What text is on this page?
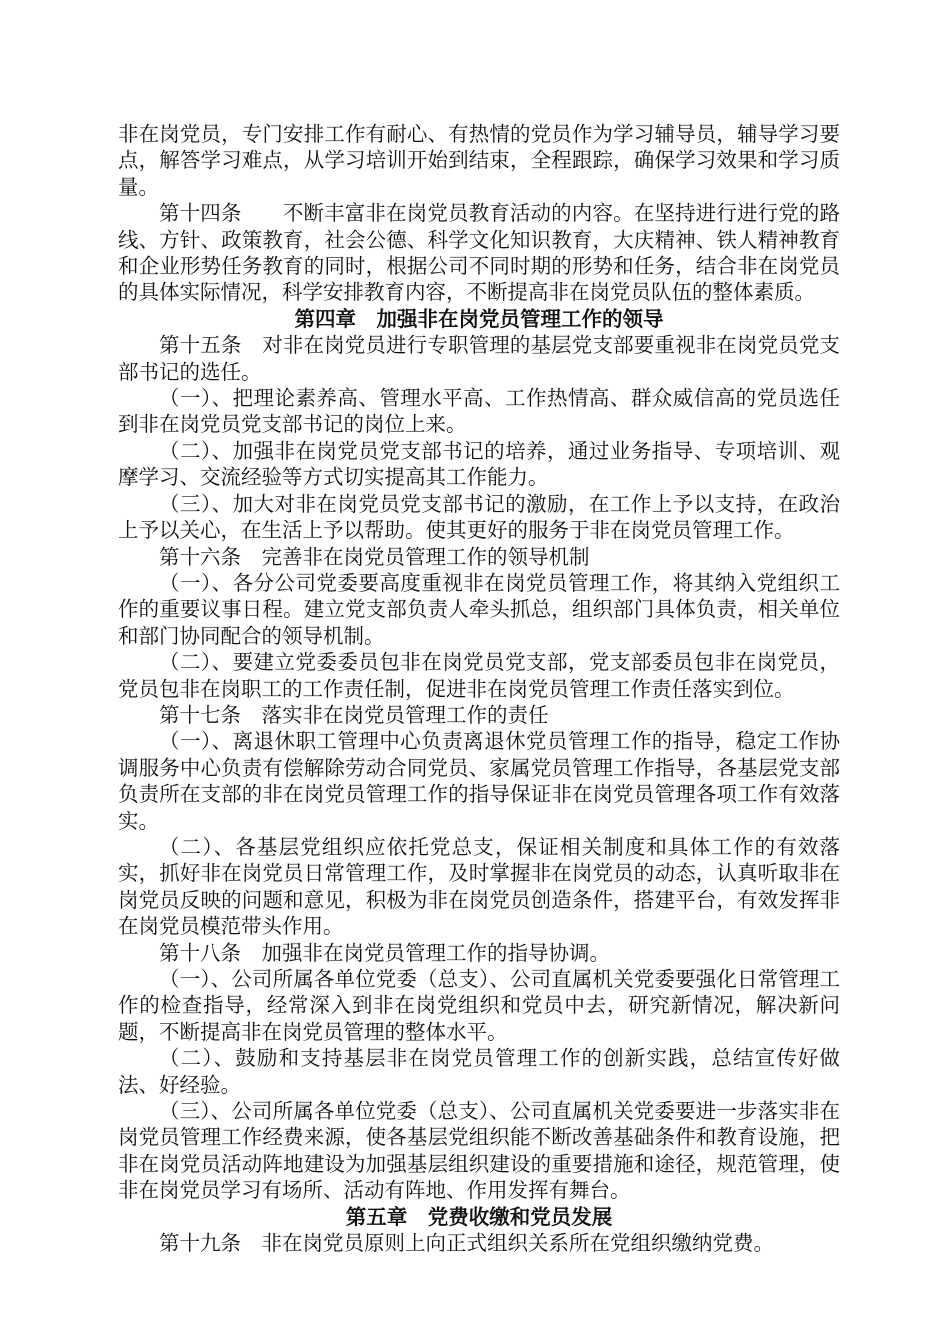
非在岗党员，专门安排工作有耐心、有热情的党员作为学习辅导员，辅导学习要点，解答学习难点，从学习培训开始到结束，全程跟踪，确保学习效果和学习质量。

第十四条　　不断丰富非在岗党员教育活动的内容。在坚持进行进行党的路线、方针、政策教育，社会公德、科学文化知识教育，大庆精神、铁人精神教育和企业形势任务教育的同时，根据公司不同时期的形势和任务，结合非在岗党员的具体实际情况，科学安排教育内容，不断提高非在岗党员队伍的整体素质。

第四章　加强非在岗党员管理工作的领导

第十五条　对非在岗党员进行专职管理的基层党支部要重视非在岗党员党支部书记的选任。

（一）、把理论素养高、管理水平高、工作热情高、群众威信高的党员选任到非在岗党员党支部书记的岗位上来。

（二）、加强非在岗党员党支部书记的培养，通过业务指导、专项培训、观摩学习、交流经验等方式切实提高其工作能力。

（三）、加大对非在岗党员党支部书记的激励，在工作上予以支持，在政治上予以关心，在生活上予以帮助。使其更好的服务于非在岗党员管理工作。

第十六条　完善非在岗党员管理工作的领导机制

（一）、各分公司党委要高度重视非在岗党员管理工作，将其纳入党组织工作的重要议事日程。建立党支部负责人牵头抓总，组织部门具体负责，相关单位和部门协同配合的领导机制。

（二）、要建立党委委员包非在岗党员党支部，党支部委员包非在岗党员，党员包非在岗职工的工作责任制，促进非在岗党员管理工作责任落实到位。

第十七条　落实非在岗党员管理工作的责任

（一）、离退休职工管理中心负责离退休党员管理工作的指导，稳定工作协调服务中心负责有偿解除劳动合同党员、家属党员管理工作指导，各基层党支部负责所在支部的非在岗党员管理工作的指导保证非在岗党员管理各项工作有效落实。

（二）、各基层党组织应依托党总支，保证相关制度和具体工作的有效落实，抓好非在岗党员日常管理工作，及时掌握非在岗党员的动态，认真听取非在岗党员反映的问题和意见，积极为非在岗党员创造条件，搭建平台，有效发挥非在岗党员模范带头作用。

第十八条　加强非在岗党员管理工作的指导协调。

（一）、公司所属各单位党委（总支）、公司直属机关党委要强化日常管理工作的检查指导，经常深入到非在岗党组织和党员中去，研究新情况，解决新问题，不断提高非在岗党员管理的整体水平。

（二）、鼓励和支持基层非在岗党员管理工作的创新实践，总结宣传好做法、好经验。

（三）、公司所属各单位党委（总支）、公司直属机关党委要进一步落实非在岗党员管理工作经费来源，使各基层党组织能不断改善基础条件和教育设施，把非在岗党员活动阵地建设为加强基层组织建设的重要措施和途径，规范管理，使非在岗党员学习有场所、活动有阵地、作用发挥有舞台。

第五章　党费收缴和党员发展

第十九条　非在岗党员原则上向正式组织关系所在党组织缴纳党费。
